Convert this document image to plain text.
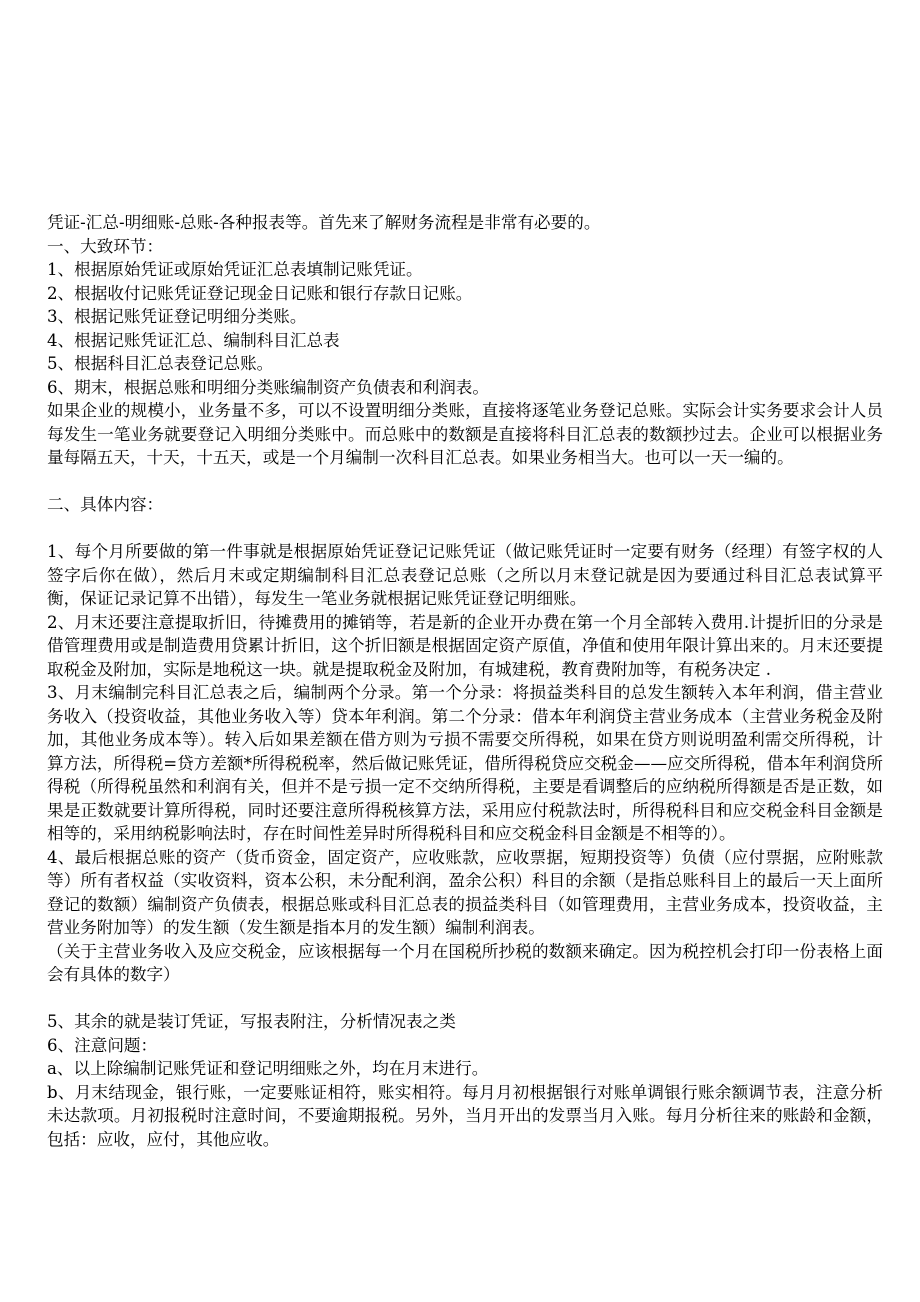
凭证-汇总-明细账-总账-各种报表等。首先来了解财务流程是非常有必要的。

一、大致环节：

1、根据原始凭证或原始凭证汇总表填制记账凭证。

2、根据收付记账凭证登记现金日记账和银行存款日记账。

3、根据记账凭证登记明细分类账。

4、根据记账凭证汇总、编制科目汇总表

5、根据科目汇总表登记总账。

6、期末，根据总账和明细分类账编制资产负债表和利润表。

如果企业的规模小，业务量不多，可以不设置明细分类账，直接将逐笔业务登记总账。实际会计实务要求会计人员每发生一笔业务就要登记入明细分类账中。而总账中的数额是直接将科目汇总表的数额抄过去。企业可以根据业务量每隔五天，十天，十五天，或是一个月编制一次科目汇总表。如果业务相当大。也可以一天一编的。

二、具体内容：

1、每个月所要做的第一件事就是根据原始凭证登记记账凭证（做记账凭证时一定要有财务（经理）有签字权的人签字后你在做），然后月末或定期编制科目汇总表登记总账（之所以月末登记就是因为要通过科目汇总表试算平衡，保证记录记算不出错），每发生一笔业务就根据记账凭证登记明细账。

2、月末还要注意提取折旧，待摊费用的摊销等，若是新的企业开办费在第一个月全部转入费用.计提折旧的分录是借管理费用或是制造费用贷累计折旧，这个折旧额是根据固定资产原值，净值和使用年限计算出来的。月末还要提取税金及附加，实际是地税这一块。就是提取税金及附加，有城建税，教育费附加等，有税务决定 .

3、月末编制完科目汇总表之后，编制两个分录。第一个分录：将损益类科目的总发生额转入本年利润，借主营业务收入（投资收益，其他业务收入等）贷本年利润。第二个分录：借本年利润贷主营业务成本（主营业务税金及附加，其他业务成本等）。转入后如果差额在借方则为亏损不需要交所得税，如果在贷方则说明盈利需交所得税，计算方法，所得税=贷方差额*所得税税率，然后做记账凭证，借所得税贷应交税金——应交所得税，借本年利润贷所得税（所得税虽然和利润有关，但并不是亏损一定不交纳所得税，主要是看调整后的应纳税所得额是否是正数，如果是正数就要计算所得税，同时还要注意所得税核算方法，采用应付税款法时，所得税科目和应交税金科目金额是相等的，采用纳税影响法时，存在时间性差异时所得税科目和应交税金科目金额是不相等的）。

4、最后根据总账的资产（货币资金，固定资产，应收账款，应收票据，短期投资等）负债（应付票据，应附账款等）所有者权益（实收资料，资本公积，未分配利润，盈余公积）科目的余额（是指总账科目上的最后一天上面所登记的数额）编制资产负债表，根据总账或科目汇总表的损益类科目（如管理费用，主营业务成本，投资收益，主营业务附加等）的发生额（发生额是指本月的发生额）编制利润表。

（关于主营业务收入及应交税金，应该根据每一个月在国税所抄税的数额来确定。因为税控机会打印一份表格上面会有具体的数字）

5、其余的就是装订凭证，写报表附注，分析情况表之类

6、注意问题：

a、以上除编制记账凭证和登记明细账之外，均在月末进行。

b、月末结现金，银行账，一定要账证相符，账实相符。每月月初根据银行对账单调银行账余额调节表，注意分析未达款项。月初报税时注意时间，不要逾期报税。另外，当月开出的发票当月入账。每月分析往来的账龄和金额，包括：应收，应付，其他应收。
